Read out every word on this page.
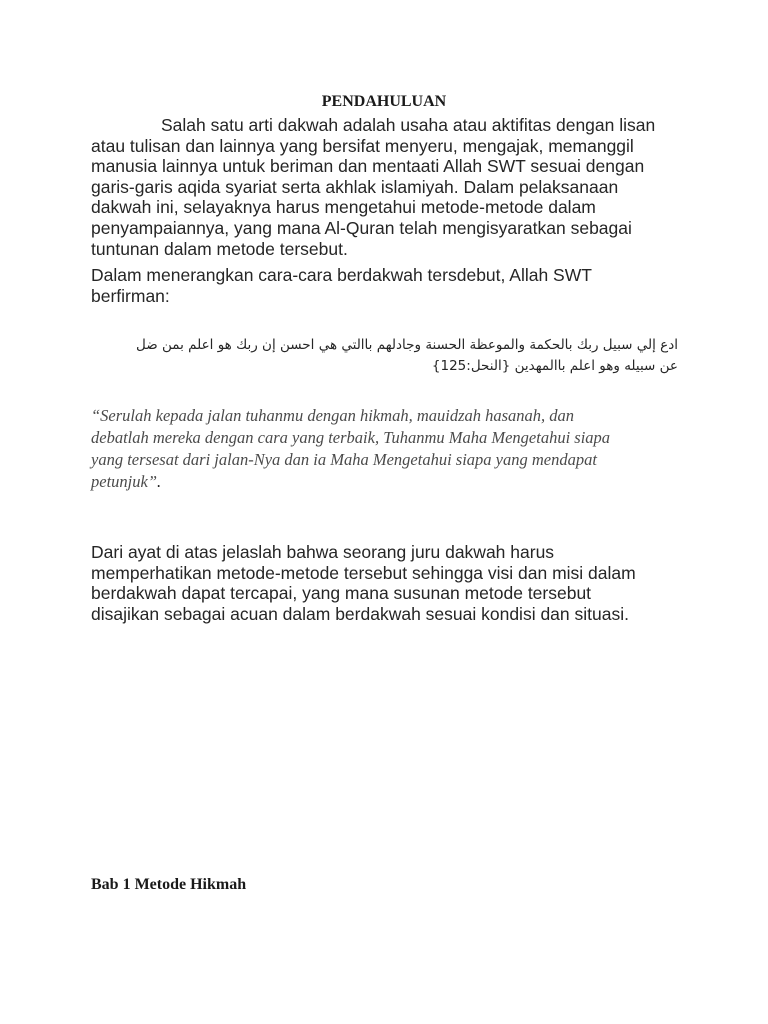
PENDAHULUAN
Salah satu arti dakwah adalah usaha atau aktifitas dengan lisan
atau tulisan dan lainnya yang bersifat menyeru, mengajak, memanggil
manusia lainnya untuk beriman dan mentaati Allah SWT sesuai dengan
garis-garis aqida syariat serta akhlak islamiyah. Dalam pelaksanaan
dakwah ini, selayaknya harus mengetahui metode-metode dalam
penyampaiannya, yang mana Al-Quran telah mengisyaratkan sebagai
tuntunan dalam metode tersebut.
Dalam menerangkan cara-cara berdakwah tersdebut, Allah SWT
berfirman:
ادع إلي سبيل ربك بالحكمة والموعظة الحسنة وجادلهم باالتي هي احسن إن ربك هو اعلم بمن ضل
عن سبيله وهو اعلم باالمهدين {النحل:125}
“Serulah kepada jalan tuhanmu dengan hikmah, mauidzah hasanah, dan
debatlah mereka dengan cara yang terbaik, Tuhanmu Maha Mengetahui siapa
yang tersesat dari jalan-Nya dan ia Maha Mengetahui siapa yang mendapat
petunjuk”.
Dari ayat di atas jelaslah bahwa seorang juru dakwah harus
memperhatikan metode-metode tersebut sehingga visi dan misi dalam
berdakwah dapat tercapai, yang mana susunan metode tersebut
disajikan sebagai acuan dalam berdakwah sesuai kondisi dan situasi.
Bab 1 Metode Hikmah
